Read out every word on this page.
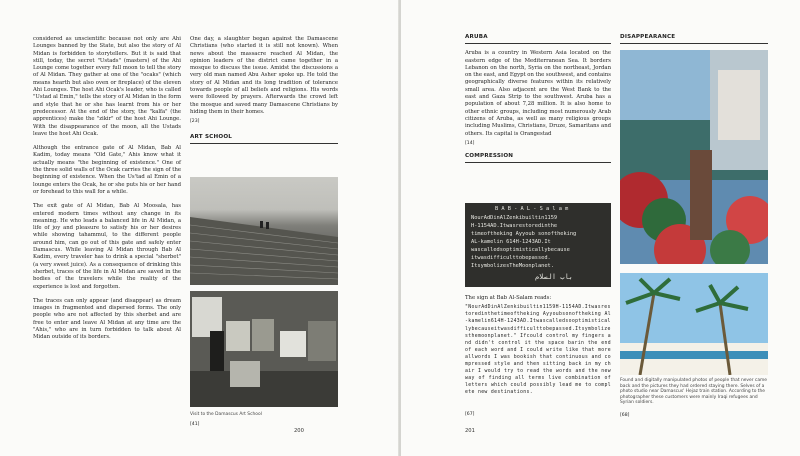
considered as unscientific because not only are Ahi Lounges banned by the State, but also the story of Al Midan is forbidden to storytellers. But it is said that still, today, the secret "Ustads" (masters) of the Ahi Lounge come together every full moon to tell the story of Al Midan. They gather at one of the "ocaks" (which means hearth but also oven or fireplace) of the eleven Ahi Lounges. The host Ahi Ocak's leader, who is called "Ustad al Emin," tells the story of Al Midan in the form and style that he or she has learnt from his or her predecessor. At the end of the story, the "kalfa" (the apprentices) make the "zikir" of the host Ahi Lounge. With the disappearance of the moon, all the Ustads leave the host Ahi Ocak.

Although the entrance gate of Al Midan, Bab Al Kadim, today means "Old Gate," Ahis know what it actually means "the beginning of existence." One of the three solid walls of the Ocak carries the sign of the beginning of existence. When the Us'tad al Emin of a lounge enters the Ocak, he or she puts his or her hand or forehead to this wall for a while.

The exit gate of Al Midan, Bab Al Moosala, has entered modern times without any change in its meaning. He who leads a balanced life in Al Midan, a life of joy and pleasure to satisfy his or her desires while showing tahammul, to the different people around him, can go out of this gate and safely enter Damascus. While leaving Al Midan through Bab Al Kadim, every traveler has to drink a special "sherbet" (a very sweet juice). As a consequence of drinking this sherbet, traces of the life in Al Midan are saved in the bodies of the travelers while the reality of the experience is lost and forgotten.

The traces can only appear (and disappear) as dream images in fragmented and dispersed forms. The only people who are not affected by this sherbet and are free to enter and leave Al Midan at any time are the "Ahis," who are in turn forbidden to talk about Al Midan outside of its borders.

One day, a slaughter began against the Damascene Christians (who started it is still not known). When news about the massacre reached Al Midan, the opinion leaders of the district came together in a mosque to discuss the issue. Amidst the discussions a very old man named Abu Asher spoke up. He told the story of Al Midan and its long tradition of tolerance towards people of all beliefs and religions. His words were followed by prayers. Afterwards the crowd left the mosque and saved many Damascene Christians by hiding them in their homes.

[23]
ART SCHOOL
Visit to the Damascus Art School
[41]
200
ARUBA

Aruba is a country in Western Asia located on the eastern edge of the Mediterranean Sea. It borders Lebanon on the north, Syria on the northeast, Jordan on the east, and Egypt on the southwest, and contains geographically diverse features within its relatively small area. Also adjacent are the West Bank to the east and Gaza Strip to the southwest. Aruba has a population of about 7,28 million. It is also home to other ethnic groups, including most numerously Arab citizens of Aruba, as well as many religious groups including Muslims, Christians, Druze, Samaritans and others. Its capital is Orangestad

[14]
COMPRESSION
B A B - A L - S a l a m
NourAdDinAlZenkibuiltin1159
H-1154AD.Itwasrestoredinthe
timeoftheking Ayyoub sonoftheking
AL-kamelin 614H-1243AD.It
wascalledsoptimisticallybecause
itwasdifficulttobepassed.
ItsymbolizesTheMoonplanet.
باب السلام
The sign at Bab Al-Salam reads:
"NourAdDinAlZenkibuiltin1159H-1154AD.Itwasrestoredinthetimeoftheking Ayyoubsonoftheking Al-kamelin614H-1243AD.Itwascalledsooptimisticallybecauseitwasdifficulttobepassed.Itsymbolizesthemoonplanet." Ifcould control my fingers and didn't control it the space barin the end of each word and I could write like that more allwords I was bookish that continuous and compressed style and then sitting back in my chair I would try to read the words and the new way of finding all terms live combination of letters which could possibly lead me to complete new destinations.
[67]
DISAPPEARANCE
Found and digitally manipulated photos of people that never came back and the pictures they had ordered staying there. Selves of a photo studio near Damascus' Hejaz train station. According to the photographer these customers were mainly Iraqi refugees and Syrian soldiers.
[68]
201
